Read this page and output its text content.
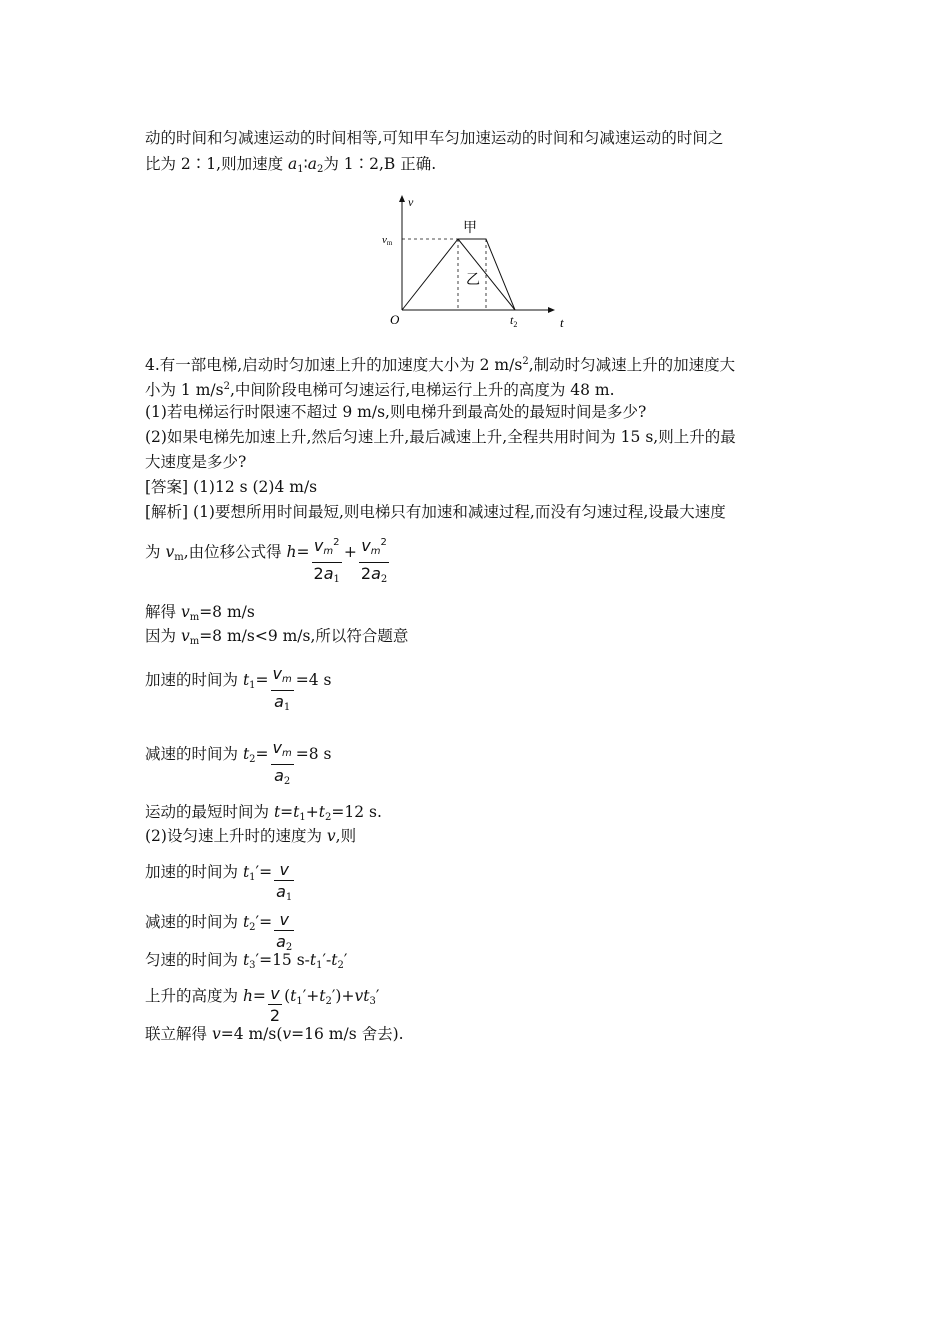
动的时间和匀减速运动的时间相等,可知甲车匀加速运动的时间和匀减速运动的时间之
比为 2∶1,则加速度 $a_1∶a_2$为 1∶2,B 正确.
v
t
vm
O	$t_2$
甲
乙
4.有一部电梯,启动时匀加速上升的加速度大小为 2 $m/s^2$,制动时匀减速上升的加速度大
小为 1 $m/s^2$,中间阶段电梯可匀速运行,电梯运行上升的高度为 48 m.
(1)若电梯运行时限速不超过 9 m/s,则电梯升到最高处的最短时间是多少?
(2)如果电梯先加速上升,然后匀速上升,最后减速上升,全程共用时间为 15 s,则上升的最
大速度是多少?
[答案] (1)12 s (2)4 m/s
[解析] (1)要想所用时间最短,则电梯只有加速和减速过程,而没有匀速过程,设最大速度
为 $v_m$,由位移公式得 $h= \frac{v_m^2}{2a_1} + \frac{v_m^2}{2a_2}$
解得 $v_m=8$ m/s
因为 $v_m=8$ m/s<9 m/s,所以符合题意
加速的时间为 $t_1= \frac{v_m}{a_1} =4$ s
减速的时间为 $t_2= \frac{v_m}{a_2} =8$ s
运动的最短时间为 $t=t_1+t_2=12$ s.
(2)设匀速上升时的速度为 v,则
加速的时间为 $t_1'= \frac{v}{a_1}$
减速的时间为 $t_2'= \frac{v}{a_2}$
匀速的时间为 $t_3'=15$ $s-t_1'-t_2'$
上升的高度为 $h= \frac{v}{2} (t_1'+t_2')+vt_3'$
联立解得 v=4 m/s(v=16 m/s 舍去).
